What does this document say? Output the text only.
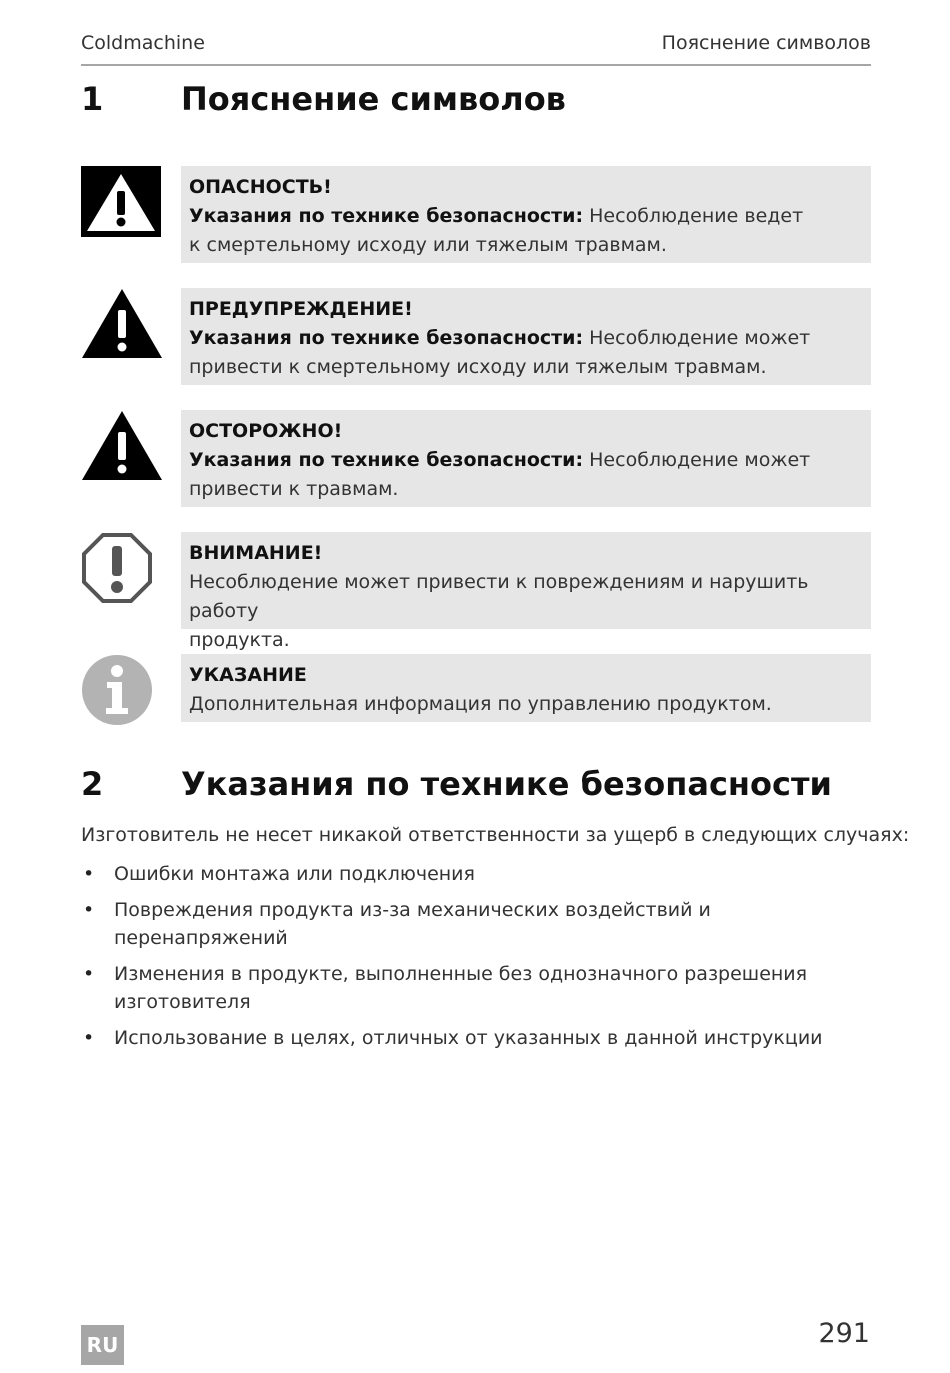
Coldmachine	Пояснение символов
1 Пояснение символов
ОПАСНОСТЬ!
Указания по технике безопасности: Несоблюдение ведет
к смертельному исходу или тяжелым травмам.
ПРЕДУПРЕЖДЕНИЕ!
Указания по технике безопасности: Несоблюдение может
привести к смертельному исходу или тяжелым травмам.
ОСТОРОЖНО!
Указания по технике безопасности: Несоблюдение может
привести к травмам.
ВНИМАНИЕ!
Несоблюдение может привести к повреждениям и нарушить работу
продукта.
УКАЗАНИЕ
Дополнительная информация по управлению продуктом.
2 Указания по технике безопасности
Изготовитель не несет никакой ответственности за ущерб в следующих случаях:
• Ошибки монтажа или подключения
• Повреждения продукта из-за механических воздействий и перенапряжений
• Изменения в продукте, выполненные без однозначного разрешения
изготовителя
• Использование в целях, отличных от указанных в данной инструкции
RU	291
